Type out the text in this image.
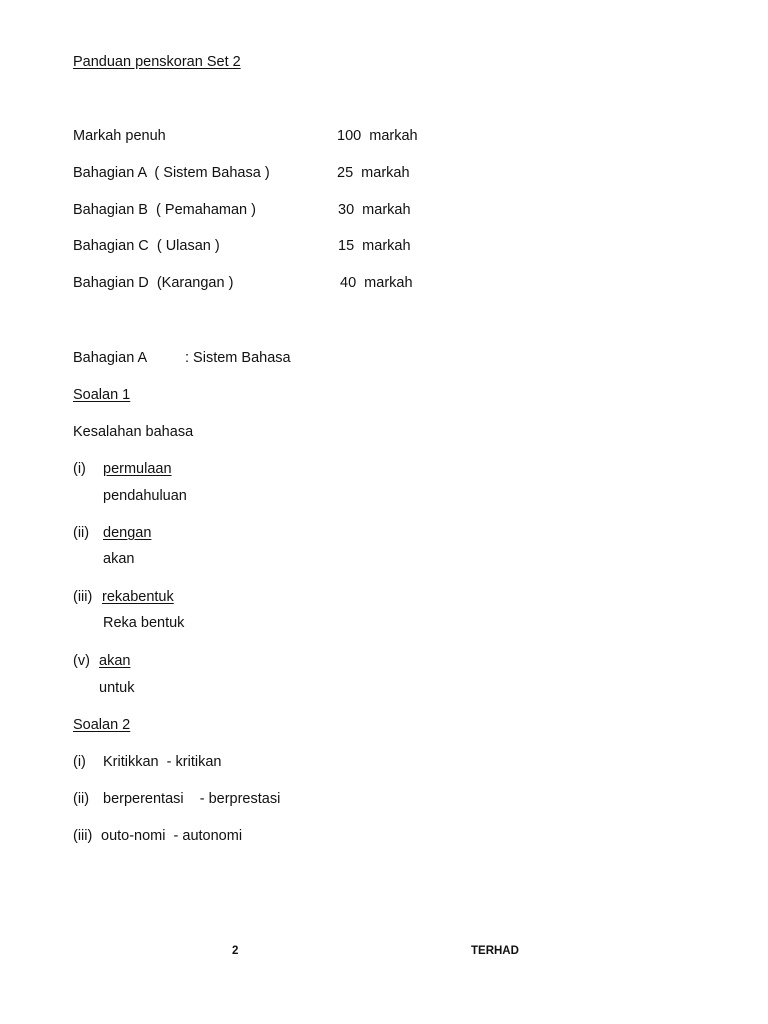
Panduan penskoran Set 2
Markah penuh	100  markah
Bahagian A  ( Sistem Bahasa )	25  markah
Bahagian B  ( Pemahaman )	30  markah
Bahagian C  ( Ulasan )	15  markah
Bahagian D  (Karangan )	40  markah
Bahagian A	: Sistem Bahasa
Soalan 1
Kesalahan bahasa
(i) permulaan
pendahuluan
(ii) dengan
akan
(iii) rekabentuk
Reka bentuk
(v) akan
untuk
Soalan 2
(i) Kritikkan  - kritikan
(ii) berperentasi    - berprestasi
(iii) outo-nomi  - autonomi
2	TERHAD
